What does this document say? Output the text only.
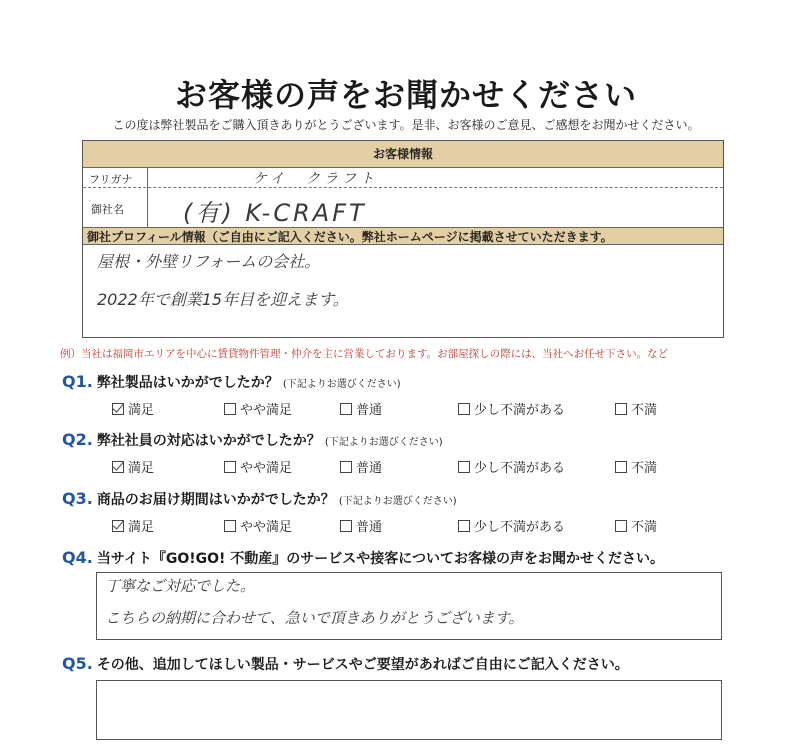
お客様の声をお聞かせください
この度は弊社製品をご購入頂きありがとうございます。是非、お客様のご意見、ご感想をお聞かせください。
お客様情報
フリガナ	ケイ　クラフト
御社名 (有) K-CRAFT
御社プロフィール情報（ご自由にご記入ください。弊社ホームページに掲載させていただきます。
屋根・外壁リフォームの会社。
2022年で創業15年目を迎えます。
例）当社は福岡市エリアを中心に賃貸物件管理・仲介を主に営業しております。お部屋探しの際には、当社へお任せ下さい。など
Q1. 弊社製品はいかがでしたか？ (下記よりお選びください)
満足	やや満足	普通	少し不満がある	不満
Q2. 弊社社員の対応はいかがでしたか？ (下記よりお選びください)
満足	やや満足	普通	少し不満がある	不満
Q3. 商品のお届け期間はいかがでしたか？ (下記よりお選びください)
満足	やや満足	普通	少し不満がある	不満
Q4. 当サイト『GO!GO! 不動産』のサービスや接客についてお客様の声をお聞かせください。
丁寧なご対応でした。
こちらの納期に合わせて、急いで頂きありがとうございます。
Q5. その他、追加してほしい製品・サービスやご要望があればご自由にご記入ください。
